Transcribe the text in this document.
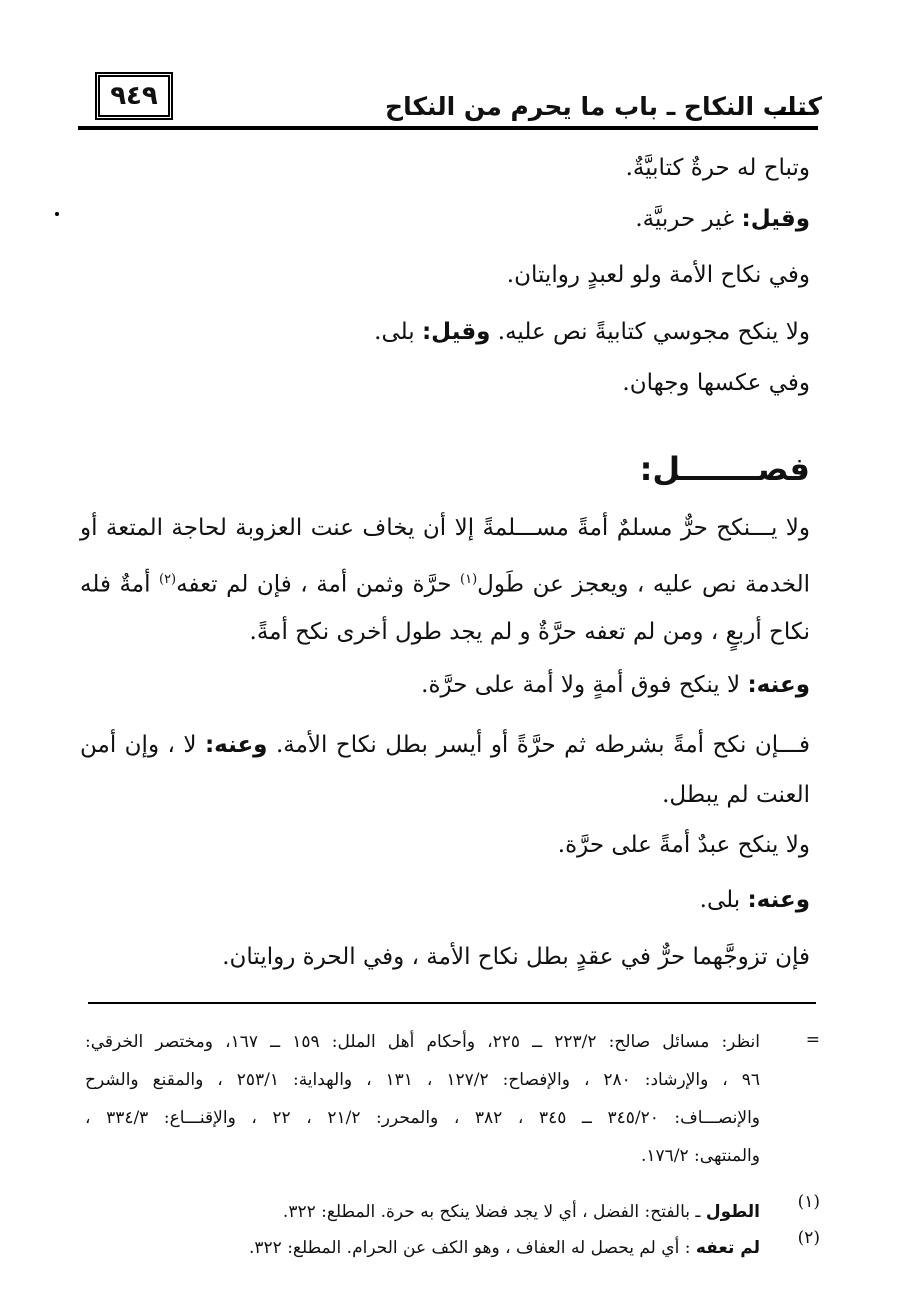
٩٤٩	كتاب النكاح ـ باب ما يحرم من النكاح
وتباح له حرةٌ كتابيَّةٌ.
وقيل: غير حربيَّة.
وفي نكاح الأمة ولو لعبدٍ روايتان.
ولا ينكح مجوسي كتابيةً نص عليه. وقيل: بلى.
وفي عكسها وجهان.
فصـــــــل:
ولا يـــنكح حرٌّ مسلمٌ أمةً مســـلمةً إلا أن يخاف عنت العزوبة لحاجة المتعة أو
الخدمة نص عليه ، ويعجز عن طَول$^{(١)}$ حرَّة وثمن أمة ، فإن لم تعفه$^{(٢)}$ أمةٌ فله
نكاح أربعٍ ، ومن لم تعفه حرَّةٌ و لم يجد طول أخرى نكح أمةً.
وعنه: لا ينكح فوق أمةٍ ولا أمة على حرَّة.
فـــإن نكح أمةً بشرطه ثم حرَّةً أو أيسر بطل نكاح الأمة. وعنه: لا ، وإن أمن
العنت لم يبطل.
ولا ينكح عبدٌ أمةً على حرَّة.
وعنه: بلى.
فإن تزوجَّهما حرٌّ في عقدٍ بطل نكاح الأمة ، وفي الحرة روايتان.
=
انظر: مسائل صالح: ٢٢٣/٢ ــ ٢٢٥، وأحكام أهل الملل: ١٥٩ ــ ١٦٧، ومختصر الخرقي:
٩٦ ، والإرشاد: ٢٨٠ ، والإفصاح: ١٢٧/٢ ، ١٣١ ، والهداية: ٢٥٣/١ ، والمقنع والشرح
والإنصـــاف: ٣٤٥/٢٠ ــ ٣٤٥ ، ٣٨٢ ، والمحرر: ٢١/٢ ، ٢٢ ، والإقنـــاع: ٣٣٤/٣ ،
والمنتهى: ١٧٦/٢.
(١)
الطول ـ بالفتح: الفضل ، أي لا يجد فضلا ينكح به حرة. المطلع: ٣٢٢.
(٢)
لم تعفه : أي لم يحصل له العفاف ، وهو الكف عن الحرام. المطلع: ٣٢٢.
